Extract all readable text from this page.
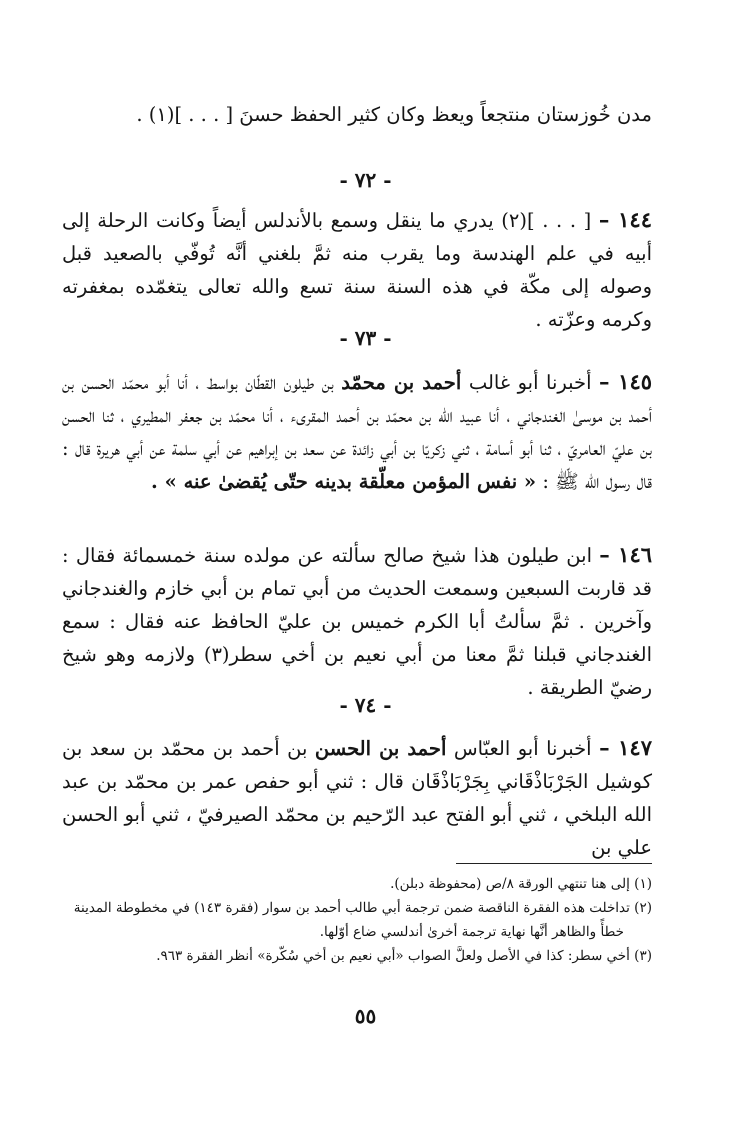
مدن خُوزستان منتجعاً ويعظ وكان كثير الحفظ حسنَ [ . . . ](١) .

- ٧٢ -

١٤٤ – [ . . . ](٢) يدري ما ينقل وسمع بالأندلس أيضاً وكانت الرحلة إلى أبيه في علم الهندسة وما يقرب منه ثمَّ بلغني أنَّه تُوفّي بالصعيد قبل وصوله إلى مكّة في هذه السنة سنة تسع والله تعالى يتغمّده بمغفرته وكرمه وعزّته .

- ٧٣ -

١٤٥ – أخبرنا أبو غالب أحمد بن محمّد بن طيلون القطّان بواسط ، أنا أبو محمّد الحسن بن أحمد بن موسىٰ الغندجاني ، أنا عبيد الله بن محمّد بن أحمد المقرىء ، أنا محمّد بن جعفر المطيري ، ثنا الحسن بن عليّ العامريّ ، ثنا أبو أسامة ، ثني زكريّا بن أبي زائدة عن سعد بن إبراهيم عن أبي سلمة عن أبي هريرة قال : قال رسول الله ﷺ : « نفس المؤمن معلّقة بدينه حتّى يُقضىٰ عنه » .

١٤٦ – ابن طيلون هذا شيخ صالح سألته عن مولده سنة خمسمائة فقال : قد قاربت السبعين وسمعت الحديث من أبي تمام بن أبي خازم والغندجاني وآخرين . ثمَّ سألتُ أبا الكرم خميس بن عليّ الحافظ عنه فقال : سمع الغندجاني قبلنا ثمَّ معنا من أبي نعيم بن أخي سطر(٣) ولازمه وهو شيخ رضيّ الطريقة .

- ٧٤ -

١٤٧ – أخبرنا أبو العبّاس أحمد بن الحسن بن أحمد بن محمّد بن سعد بن كوشيل الجَرْبَاذْقَاني بِجَرْبَاذْقَان قال : ثني أبو حفص عمر بن محمّد بن عبد الله البلخي ، ثني أبو الفتح عبد الرّحيم بن محمّد الصيرفيّ ، ثني أبو الحسن علي بن

(١) إلى هنا تنتهي الورقة ٨/ص (محفوظة دبلن).

(٢) تداخلت هذه الفقرة الناقصة ضمن ترجمة أبي طالب أحمد بن سوار (فقرة ١٤٣) في مخطوطة المدينة

خطأً والظاهر أنَّها نهاية ترجمة أخرىٰ أندلسي ضاع أوّلها.

(٣) أخي سطر: كذا في الأصل ولعلَّ الصواب «أبي نعيم بن أخي سُكّرة» أنظر الفقرة ٩٦٣.

٥٥
